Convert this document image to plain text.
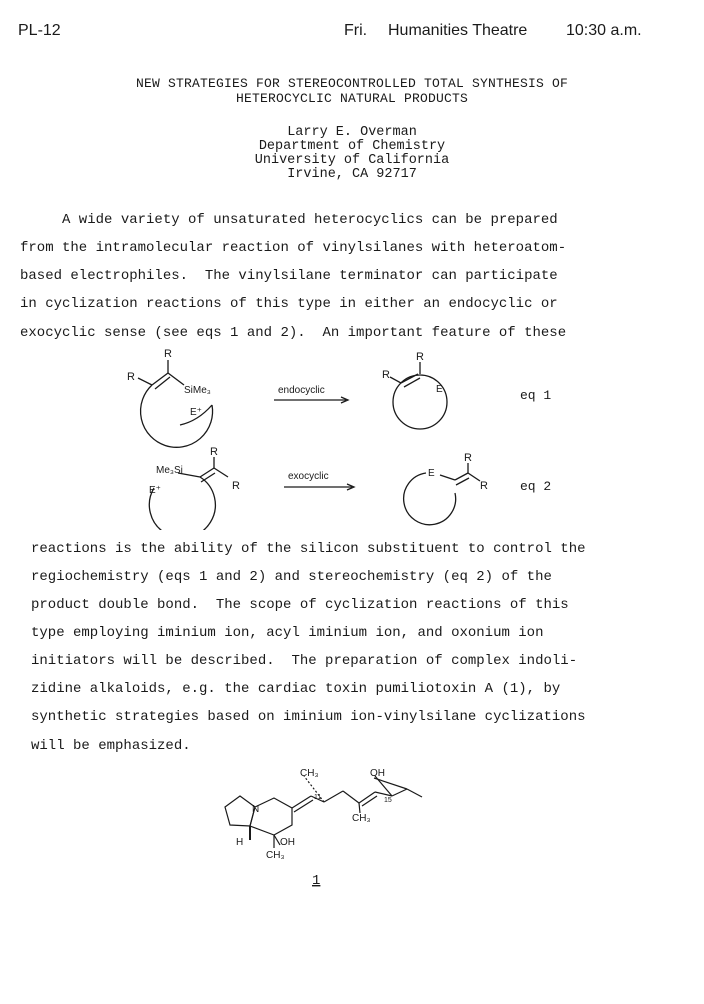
PL-12	Fri. Humanities Theatre 10:30 a.m.
NEW STRATEGIES FOR STEREOCONTROLLED TOTAL SYNTHESIS OF
HETEROCYCLIC NATURAL PRODUCTS
Larry E. Overman
Department of Chemistry
University of California
Irvine, CA 92717
A wide variety of unsaturated heterocyclics can be prepared
from the intramolecular reaction of vinylsilanes with heteroatom-
based electrophiles.  The vinylsilane terminator can participate
in cyclization reactions of this type in either an endocyclic or
exocyclic sense (see eqs 1 and 2).  An important feature of these
R
R
SiMe₃
E⁺
endocyclic
R
R
E	eq 1
Me₃Si
R
R
E⁺
exocyclic	E
R
R eq 2
reactions is the ability of the silicon substituent to control the
regiochemistry (eqs 1 and 2) and stereochemistry (eq 2) of the
product double bond.  The scope of cyclization reactions of this
type employing iminium ion, acyl iminium ion, and oxonium ion
initiators will be described.  The preparation of complex indoli-
zidine alkaloids, e.g. the cardiac toxin pumiliotoxin A (1), by
synthetic strategies based on iminium ion-vinylsilane cyclizations
will be emphasized.
CH₃	OH
11	15
CH₃
N
H	OH
CH₃
1
